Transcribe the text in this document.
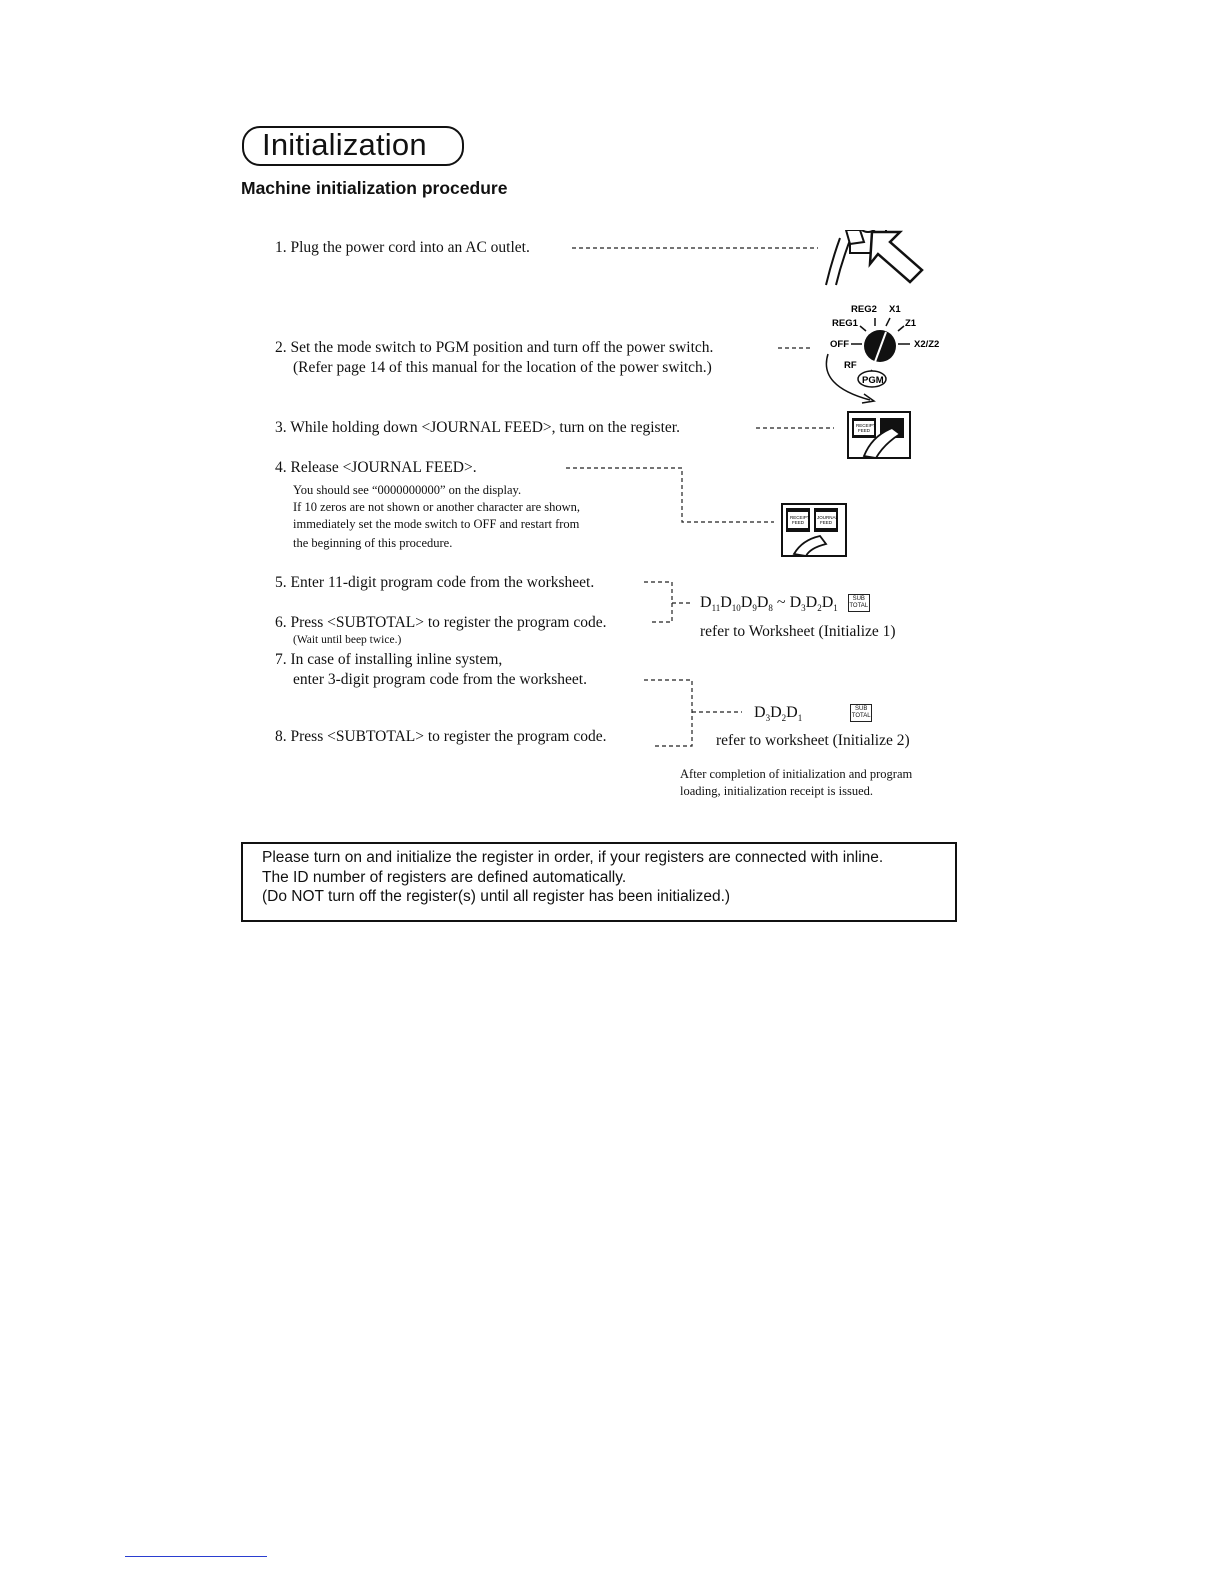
Initialization
Machine initialization procedure
1. Plug the power cord into an AC outlet.
2. Set the mode switch to PGM position and turn off the power switch.
(Refer page 14 of this manual for the location of the power switch.)
REG2 X1
REG1	Z1
OFF	X2/Z2
RF
PGM
3. While holding down <JOURNAL FEED>, turn on the register.	RECEIPT
FEED
4. Release <JOURNAL FEED>.
You should see “0000000000” on the display.
If 10 zeros are not shown or another character are shown,
immediately set the mode switch to OFF and restart from
the beginning of this procedure.
RECEIPT
FEED
JOURNAL
FEED
5. Enter 11-digit program code from the worksheet.
6. Press <SUBTOTAL> to register the program code.
(Wait until beep twice.)
$D_{11}D_{10}D_9D_8$ ~ $D_3D_2D_1$ SUB
TOTAL
refer to Worksheet (Initialize 1)
7. In case of installing inline system,
enter 3-digit program code from the worksheet.
8. Press <SUBTOTAL> to register the program code.
$D_3D_2D_1$ SUB
TOTAL
refer to worksheet (Initialize 2)
After completion of initialization and program
loading, initialization receipt is issued.
Please turn on and initialize the register in order, if your registers are connected with inline.
The ID number of registers are defined automatically.
(Do NOT turn off the register(s) until all register has been initialized.)
